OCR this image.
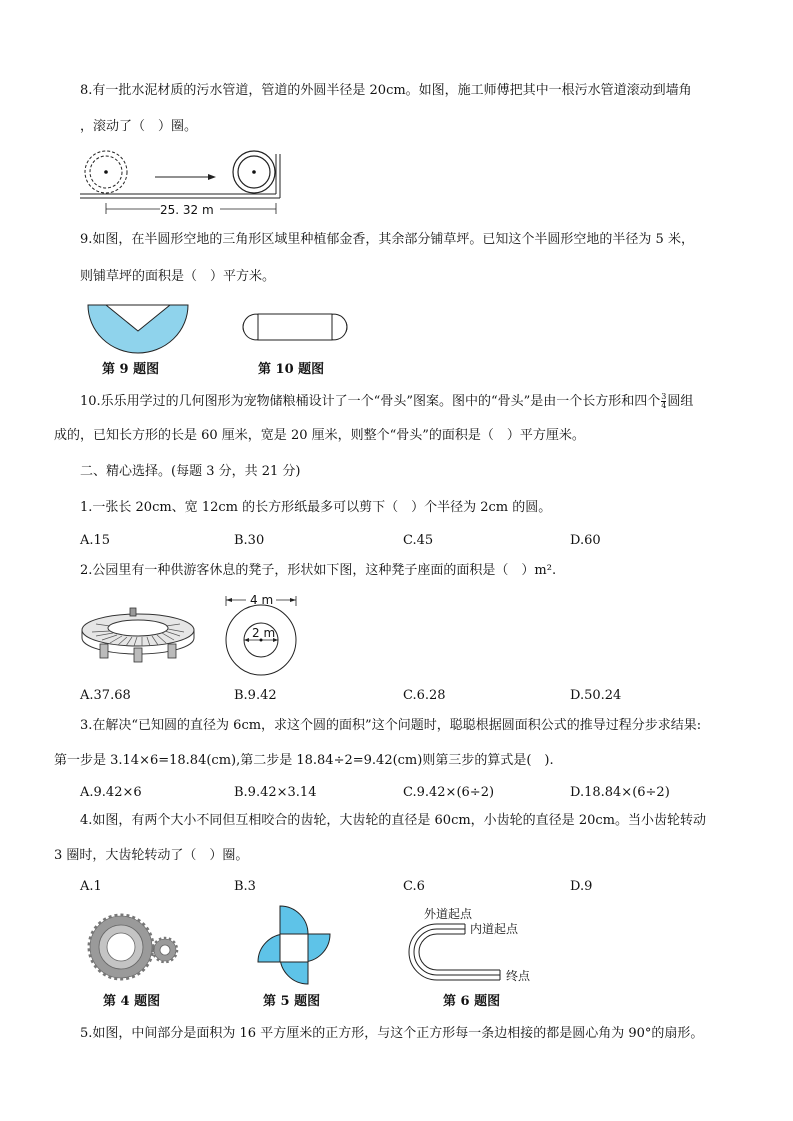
8.有一批水泥材质的污水管道，管道的外圆半径是 20cm。如图，施工师傅把其中一根污水管道滚动到墙角
，滚动了（　）圈。
25. 32 m
9.如图，在半圆形空地的三角形区域里种植郁金香，其余部分铺草坪。已知这个半圆形空地的半径为 5 米，
则铺草坪的面积是（　）平方米。
第 9 题图	第 10 题图
10.乐乐用学过的几何图形为宠物储粮桶设计了一个“骨头”图案。图中的“骨头”是由一个长方形和四个 $\frac{3}{4}$ 圆组
成的，已知长方形的长是 60 厘米，宽是 20 厘米，则整个“骨头”的面积是（　）平方厘米。
二、精心选择。(每题 3 分，共 21 分)
1.一张长 20cm、宽 12cm 的长方形纸最多可以剪下（　）个半径为 2cm 的圆。
A.15	B.30	C.45	D.60
2.公园里有一种供游客休息的凳子，形状如下图，这种凳子座面的面积是（　）m².
4 m
2 m
A.37.68	B.9.42	C.6.28	D.50.24
3.在解决“已知圆的直径为 6cm，求这个圆的面积”这个问题时，聪聪根据圆面积公式的推导过程分步求结果:
第一步是 3.14×6=18.84(cm),第二步是 18.84÷2=9.42(cm)则第三步的算式是(　).
A.9.42×6	B.9.42×3.14	C.9.42×(6÷2)	D.18.84×(6÷2)
4.如图，有两个大小不同但互相咬合的齿轮，大齿轮的直径是 60cm，小齿轮的直径是 20cm。当小齿轮转动
3 圈时，大齿轮转动了（　）圈。
A.1	B.3	C.6	D.9
第 4 题图	第 5 题图
外道起点
内道起点
终点
第 6 题图
5.如图，中间部分是面积为 16 平方厘米的正方形，与这个正方形每一条边相接的都是圆心角为 90°的扇形。
